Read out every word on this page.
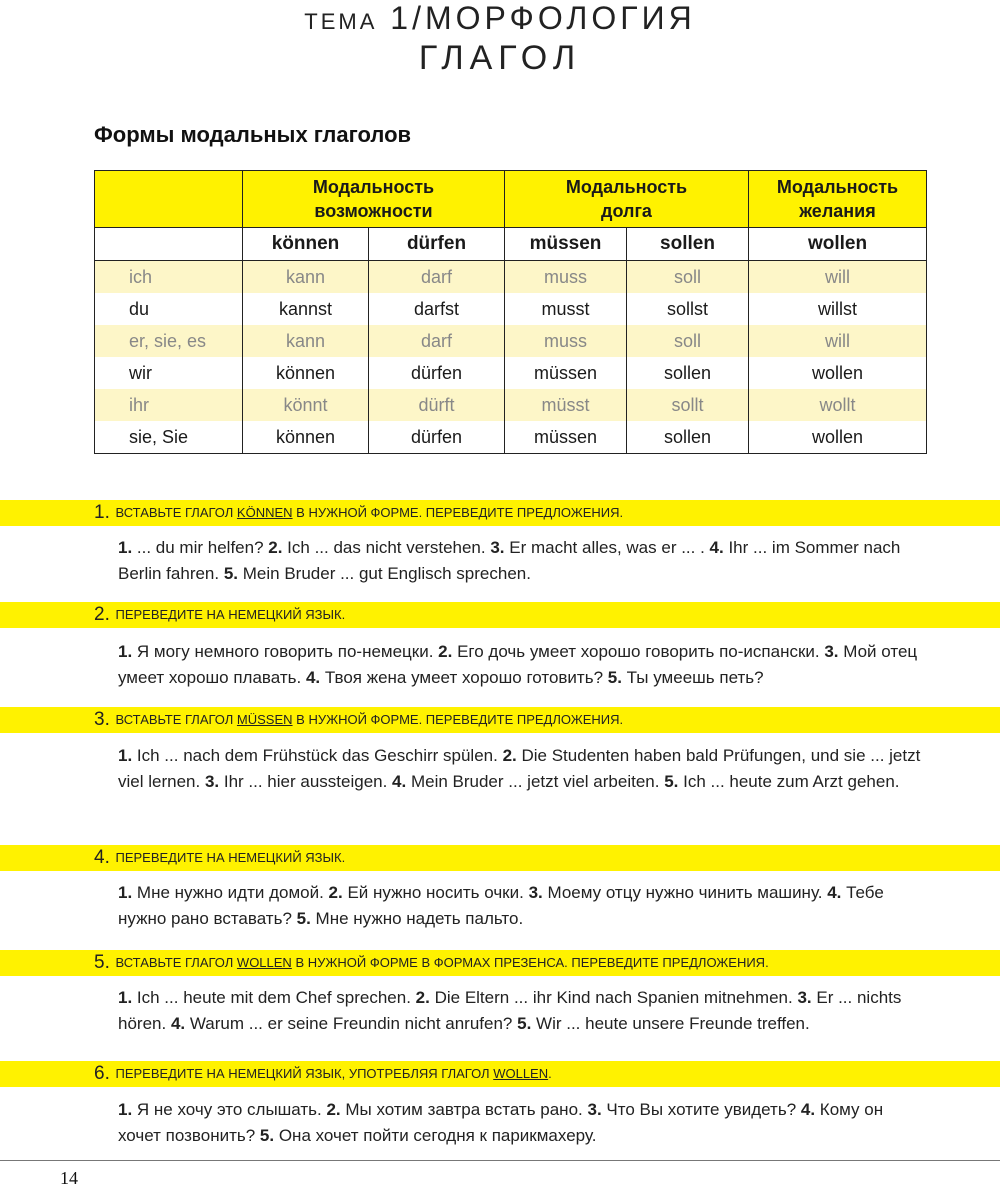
ТЕМА 1/МОРФОЛОГИЯ
ГЛАГОЛ
Формы модальных глаголов
	Модальность
возможности		Модальность
долга		Модальность
желания
	können	dürfen	müssen	sollen	wollen
ich	kann	darf	muss	soll	will
du	kannst	darfst	musst	sollst	willst
er, sie, es	kann	darf	muss	soll	will
wir	können	dürfen	müssen	sollen	wollen
ihr	könnt	dürft	müsst	sollt	wollt
sie, Sie	können	dürfen	müssen	sollen	wollen
1. ВСТАВЬТЕ ГЛАГОЛ KÖNNEN В НУЖНОЙ ФОРМЕ. ПЕРЕВЕДИТЕ ПРЕДЛОЖЕНИЯ.
1. ... du mir helfen? 2. Ich ... das nicht verstehen. 3. Er macht alles, was er ... . 4. Ihr ... im Sommer nach Berlin fahren. 5. Mein Bruder ... gut Englisch sprechen.
2. ПЕРЕВЕДИТЕ НА НЕМЕЦКИЙ ЯЗЫК.
1. Я могу немного говорить по-немецки. 2. Его дочь умеет хорошо говорить по-испански. 3. Мой отец умеет хорошо плавать. 4. Твоя жена умеет хорошо готовить? 5. Ты умеешь петь?
3. ВСТАВЬТЕ ГЛАГОЛ MÜSSEN В НУЖНОЙ ФОРМЕ. ПЕРЕВЕДИТЕ ПРЕДЛОЖЕНИЯ.
1. Ich ... nach dem Frühstück das Geschirr spülen. 2. Die Studenten haben bald Prüfungen, und sie ... jetzt viel lernen. 3. Ihr ... hier aussteigen. 4. Mein Bruder ... jetzt viel arbeiten. 5. Ich ... heute zum Arzt gehen.
4. ПЕРЕВЕДИТЕ НА НЕМЕЦКИЙ ЯЗЫК.
1. Мне нужно идти домой. 2. Ей нужно носить очки. 3. Моему отцу нужно чинить машину. 4. Тебе нужно рано вставать? 5. Мне нужно надеть пальто.
5. ВСТАВЬТЕ ГЛАГОЛ WOLLEN В НУЖНОЙ ФОРМЕ В ФОРМАХ ПРЕЗЕНСА. ПЕРЕВЕДИТЕ ПРЕДЛОЖЕНИЯ.
1. Ich ... heute mit dem Chef sprechen. 2. Die Eltern ... ihr Kind nach Spanien mitnehmen. 3. Er ... nichts hören. 4. Warum ... er seine Freundin nicht anrufen? 5. Wir ... heute unsere Freunde treffen.
6. ПЕРЕВЕДИТЕ НА НЕМЕЦКИЙ ЯЗЫК, УПОТРЕБЛЯЯ ГЛАГОЛ WOLLEN.
1. Я не хочу это слышать. 2. Мы хотим завтра встать рано. 3. Что Вы хотите увидеть? 4. Кому он хочет позвонить? 5. Она хочет пойти сегодня к парикмахеру.
14
